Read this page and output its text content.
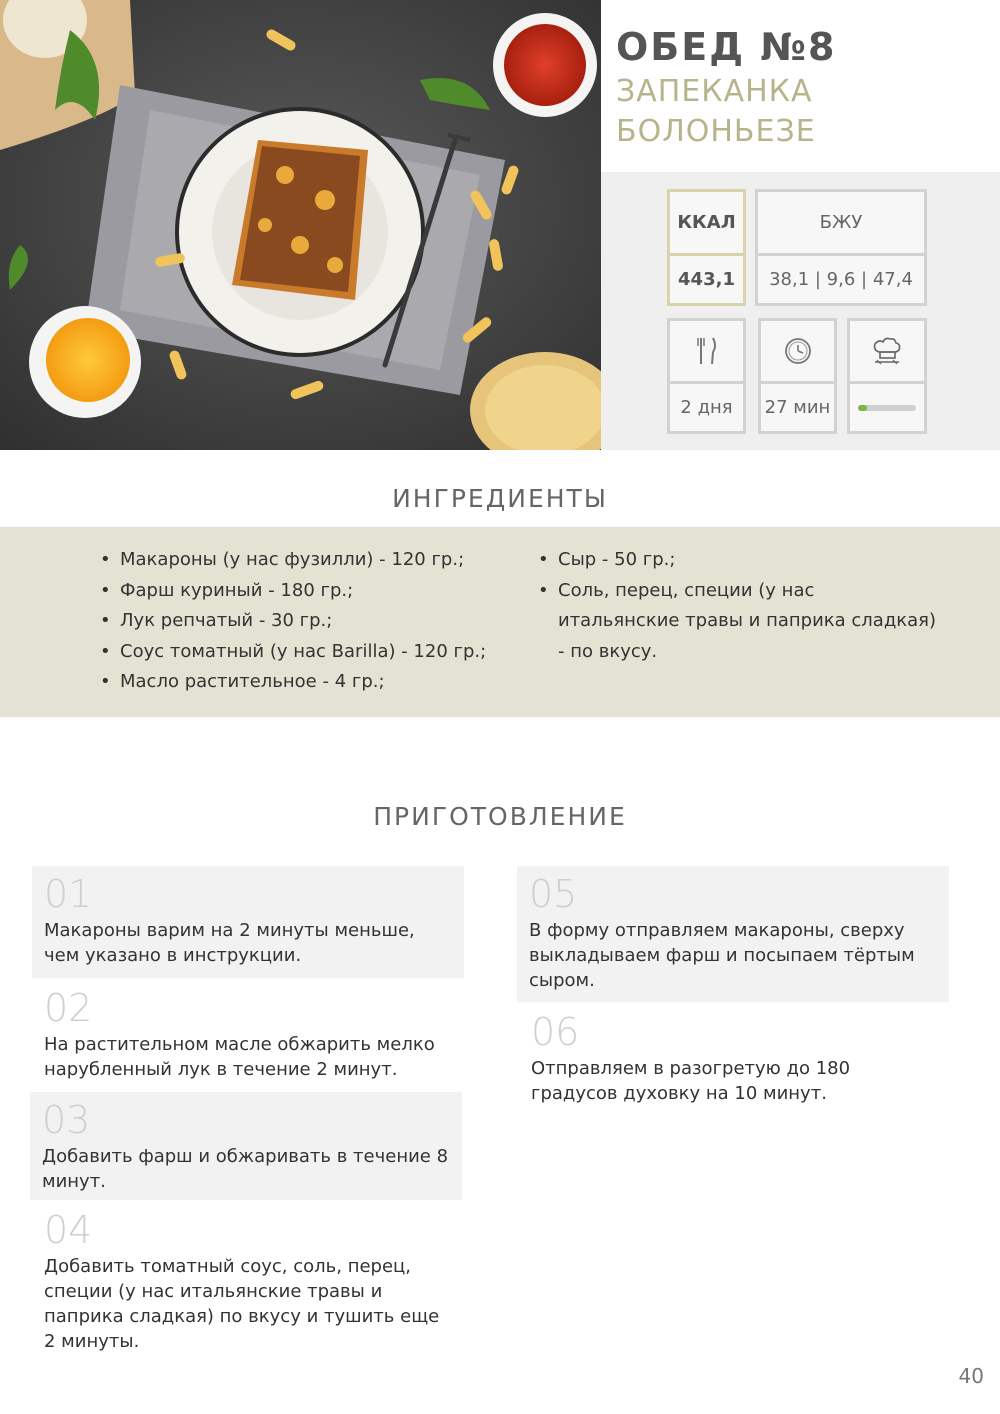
ОБЕД №8
ЗАПЕКАНКА БОЛОНЬЕЗЕ
ККАЛ
443,1
БЖУ
38,1 | 9,6 | 47,4
2 дня	27 мин
ИНГРЕДИЕНТЫ
• Макароны (у нас фузилли) - 120 гр.;
• Фарш куриный - 180 гр.;
• Лук репчатый - 30 гр.;
• Соус томатный (у нас Barilla) - 120 гр.;
• Масло растительное - 4 гр.;
• Сыр - 50 гр.;
• Соль, перец, специи (у нас итальянские травы и паприка сладкая) - по вкусу.
ПРИГОТОВЛЕНИЕ
01
Макароны варим на 2 минуты меньше, чем указано в инструкции.
02
На растительном масле обжарить мелко нарубленный лук в течение 2 минут.
03
Добавить фарш и обжаривать в течение 8 минут.
04
Добавить томатный соус, соль, перец, специи (у нас итальянские травы и паприка сладкая) по вкусу и тушить еще 2 минуты.
05
В форму отправляем макароны, сверху выкладываем фарш и посыпаем тёртым сыром.
06
Отправляем в разогретую до 180 градусов духовку на 10 минут.
40
